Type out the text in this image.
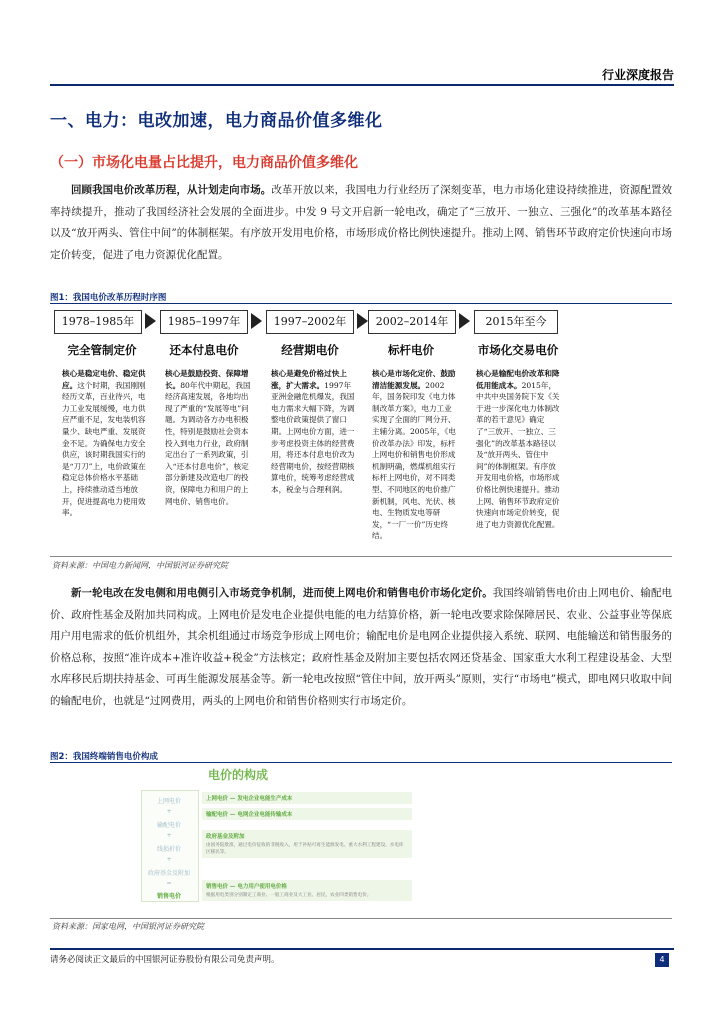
行业深度报告
一、电力：电改加速，电力商品价值多维化
（一）市场化电量占比提升，电力商品价值多维化

回顾我国电价改革历程，从计划走向市场。改革开放以来，我国电力行业经历了深刻变革，电力市场化建设持续推进，资源配置效率持续提升，推动了我国经济社会发展的全面进步。中发 9 号文开启新一轮电改，确定了“三放开、一独立、三强化”的改革基本路径以及“放开两头、管住中间”的体制框架。有序放开发用电价格，市场形成价格比例快速提升。推动上网、销售环节政府定价快速向市场定价转变，促进了电力资源优化配置。

图1：我国电价改革历程时序图
1978–1985年	1985–1997年	1997–2002年	2002–2014年	2015年至今
完全管制定价	还本付息电价	经营期电价	标杆电价	市场化交易电价
核心是稳定电价、稳定供应。这个时期，我国刚刚经历文革，百业待兴，电力工业发展缓慢，电力供应严重不足，发电装机容量少、缺电严重、发展资金不足。为确保电力安全供应，该时期我国实行的是“刀刀”上，电价政策在稳定总体价格水平基础上，持续推动适当地放开，促进提高电力使用效率。
核心是鼓励投资、保障增长。80年代中期起，我国经济高速发展，各地均出现了严重的“发展等电”问题。为调动各方办电积极性，特别是鼓励社会资本投入到电力行业，政府制定出台了一系列政策，引入“还本付息电价”，核定部分新建及改造电厂的投资，保障电力和用户的上网电价、销售电价。
核心是避免价格过快上涨，扩大需求。1997年亚洲金融危机爆发，我国电力需求大幅下降，为调整电价政策提供了窗口期。上网电价方面，进一步考虑投资主体的经营费用，将还本付息电价改为经营期电价，按经营期核算电价，统筹考虑经营成本，税金与合理利润。
核心是市场化定价、鼓励清洁能源发展。2002年，国务院印发《电力体制改革方案》，电力工业实现了全面的厂网分开、主辅分离。2005年，《电价改革办法》印发，标杆上网电价和销售电价形成机制明确，燃煤机组实行标杆上网电价，对不同类型、不同地区的电价推广新机制，风电、光伏、核电、生物质发电等研发，“一厂一价”历史终结。
核心是输配电价改革和降低用能成本。2015年，中共中央国务院下发《关于进一步深化电力体制改革的若干意见》确定了“三放开、一独立、三强化”的改革基本路径以及“放开两头、管住中间”的体制框架。有序放开发用电价格，市场形成价格比例快速提升。推动上网、销售环节政府定价快速向市场定价转变，促进了电力资源优化配置。
资料来源：中国电力新闻网，中国银河证券研究院

新一轮电改在发电侧和用电侧引入市场竞争机制，进而使上网电价和销售电价市场化定价。我国终端销售电价由上网电价、输配电价、政府性基金及附加共同构成。上网电价是发电企业提供电能的电力结算价格，新一轮电改要求除保障居民、农业、公益事业等保底用户用电需求的低价机组外，其余机组通过市场竞争形成上网电价；输配电价是电网企业提供接入系统、联网、电能输送和销售服务的价格总称，按照“准许成本+准许收益+税金”方法核定；政府性基金及附加主要包括农网还贷基金、国家重大水利工程建设基金、大型水库移民后期扶持基金、可再生能源发展基金等。新一轮电改按照“管住中间，放开两头”原则，实行“市场电”模式，即电网只收取中间的输配电价，也就是“过网费用，两头的上网电价和销售价格则实行市场定价。

图2：我国终端销售电价构成
电价的构成
上网电价
+
输配电价
+
线损折价
+
政府基金及附加
=
销售电价
上网电价 — 发电企业电能生产成本
输配电价 — 电网企业电能传输成本
政府基金及附加
由国务院批准，通过电价征收的非税收入，用于补贴可再生能源发电、重大水利工程建设、水电库区移民等。
销售电价 — 电力用户使用电价格
根据用电类别分别制定工商业、一般工商业及大工业、居民、农业四类销售电价。
资料来源：国家电网，中国银河证券研究院
请务必阅读正文最后的中国银河证券股份有限公司免责声明。	4
